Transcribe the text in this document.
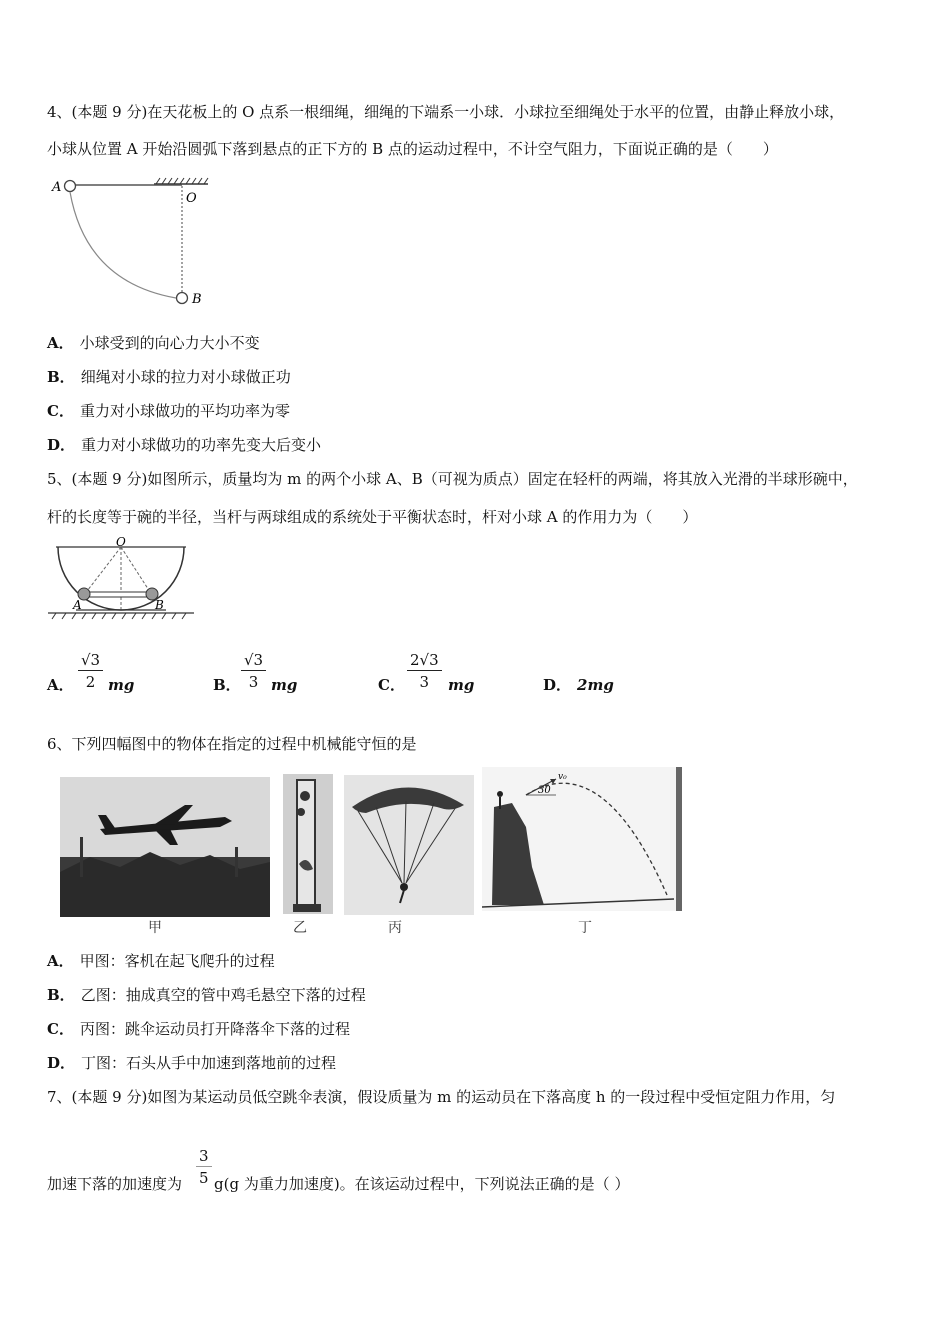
4、(本题 9 分)在天花板上的 O 点系一根细绳，细绳的下端系一小球．小球拉至细绳处于水平的位置，由静止释放小球，
小球从位置 A 开始沿圆弧下落到悬点的正下方的 B 点的运动过程中，不计空气阻力，下面说正确的是（　　）
A
O
B
A． 小球受到的向心力大小不变
B． 细绳对小球的拉力对小球做正功
C． 重力对小球做功的平均功率为零
D． 重力对小球做功的功率先变大后变小
5、(本题 9 分)如图所示，质量均为 m 的两个小球 A、B（可视为质点）固定在轻杆的两端，将其放入光滑的半球形碗中，
杆的长度等于碗的半径，当杆与两球组成的系统处于平衡状态时，杆对小球 A 的作用力为（　　）
O
A	B
A． $\frac{√3}{2}$ mg	B． $\frac{√3}{3}$ mg	C． $\frac{2√3}{3}$ mg	D． 2mg
6、下列四幅图中的物体在指定的过程中机械能守恒的是
甲	乙	丙
30
v₀
丁
A． 甲图：客机在起飞爬升的过程
B． 乙图：抽成真空的管中鸡毛悬空下落的过程
C． 丙图：跳伞运动员打开降落伞下落的过程
D． 丁图：石头从手中加速到落地前的过程
7、(本题 9 分)如图为某运动员低空跳伞表演，假设质量为 m 的运动员在下落高度 h 的一段过程中受恒定阻力作用，匀
加速下落的加速度为 $\frac{3}{5} g(g$ 为重力加速度)。在该运动过程中，下列说法正确的是（ ）
